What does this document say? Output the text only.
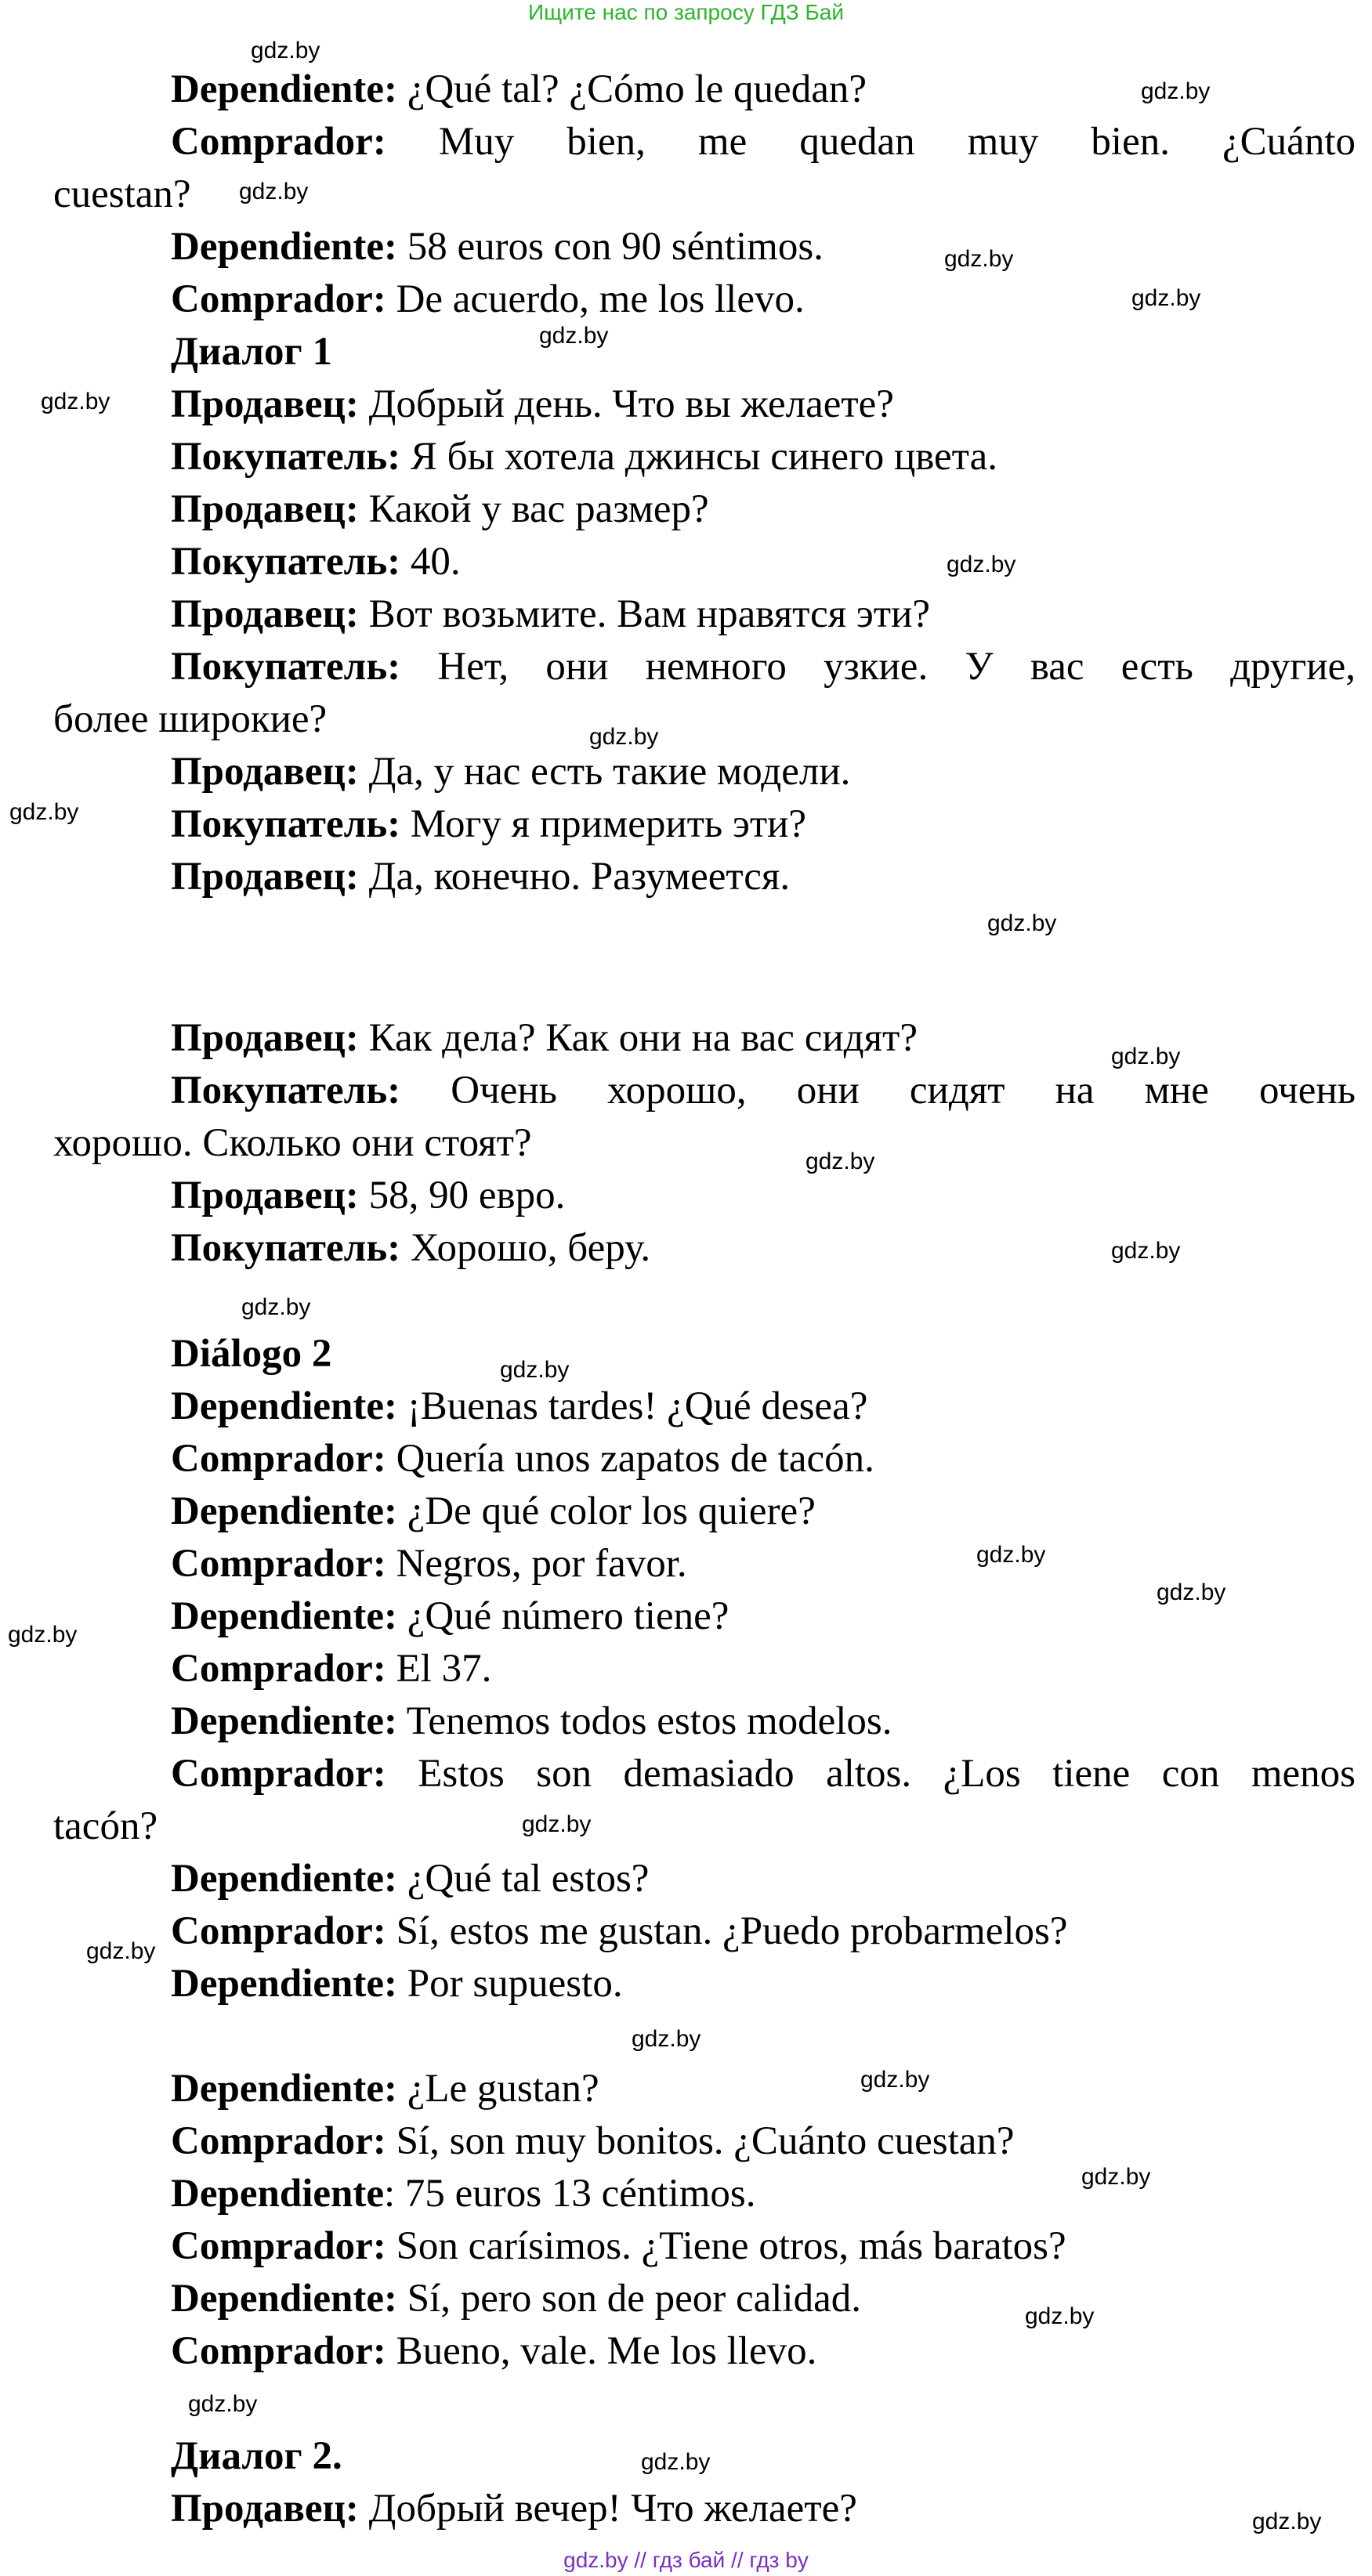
Ищите нас по запросу ГДЗ Бай
Dependiente: ¿Qué tal? ¿Cómo le quedan?
Comprador: Muy bien, me quedan muy bien. ¿Cuánto
cuestan?
Dependiente: 58 euros con 90 séntimos.
Comprador: De acuerdo, me los llevo.
Диалог 1
Продавец: Добрый день. Что вы желаете?
Покупатель: Я бы хотела джинсы синего цвета.
Продавец: Какой у вас размер?
Покупатель: 40.
Продавец: Вот возьмите. Вам нравятся эти?
Покупатель: Нет, они немного узкие. У вас есть другие,
более широкие?
Продавец: Да, у нас есть такие модели.
Покупатель: Могу я примерить эти?
Продавец: Да, конечно. Разумеется.
Продавец: Как дела? Как они на вас сидят?
Покупатель: Очень хорошо, они сидят на мне очень
хорошо. Сколько они стоят?
Продавец: 58, 90 евро.
Покупатель: Хорошо, беру.
Diálogo 2
Dependiente: ¡Buenas tardes! ¿Qué desea?
Comprador: Quería unos zapatos de tacón.
Dependiente: ¿De qué color los quiere?
Comprador: Negros, por favor.
Dependiente: ¿Qué número tiene?
Comprador: El 37.
Dependiente: Tenemos todos estos modelos.
Comprador: Estos son demasiado altos. ¿Los tiene con menos
tacón?
Dependiente: ¿Qué tal estos?
Comprador: Sí, estos me gustan. ¿Puedo probarmelos?
Dependiente: Por supuesto.
Dependiente: ¿Le gustan?
Comprador: Sí, son muy bonitos. ¿Cuánto cuestan?
Dependiente: 75 euros 13 céntimos.
Comprador: Son carísimos. ¿Tiene otros, más baratos?
Dependiente: Sí, pero son de peor calidad.
Comprador: Bueno, vale. Me los llevo.
Диалог 2.
Продавец: Добрый вечер! Что желаете?
gdz.by
gdz.by
gdz.by
gdz.by
gdz.by
gdz.by
gdz.by
gdz.by
gdz.by
gdz.by
gdz.by
gdz.by
gdz.by
gdz.by
gdz.by
gdz.by
gdz.by
gdz.by
gdz.by
gdz.by
gdz.by
gdz.by
gdz.by
gdz.by
gdz.by
gdz.by
gdz.by
gdz.by
gdz.by // гдз бай // гдз by
